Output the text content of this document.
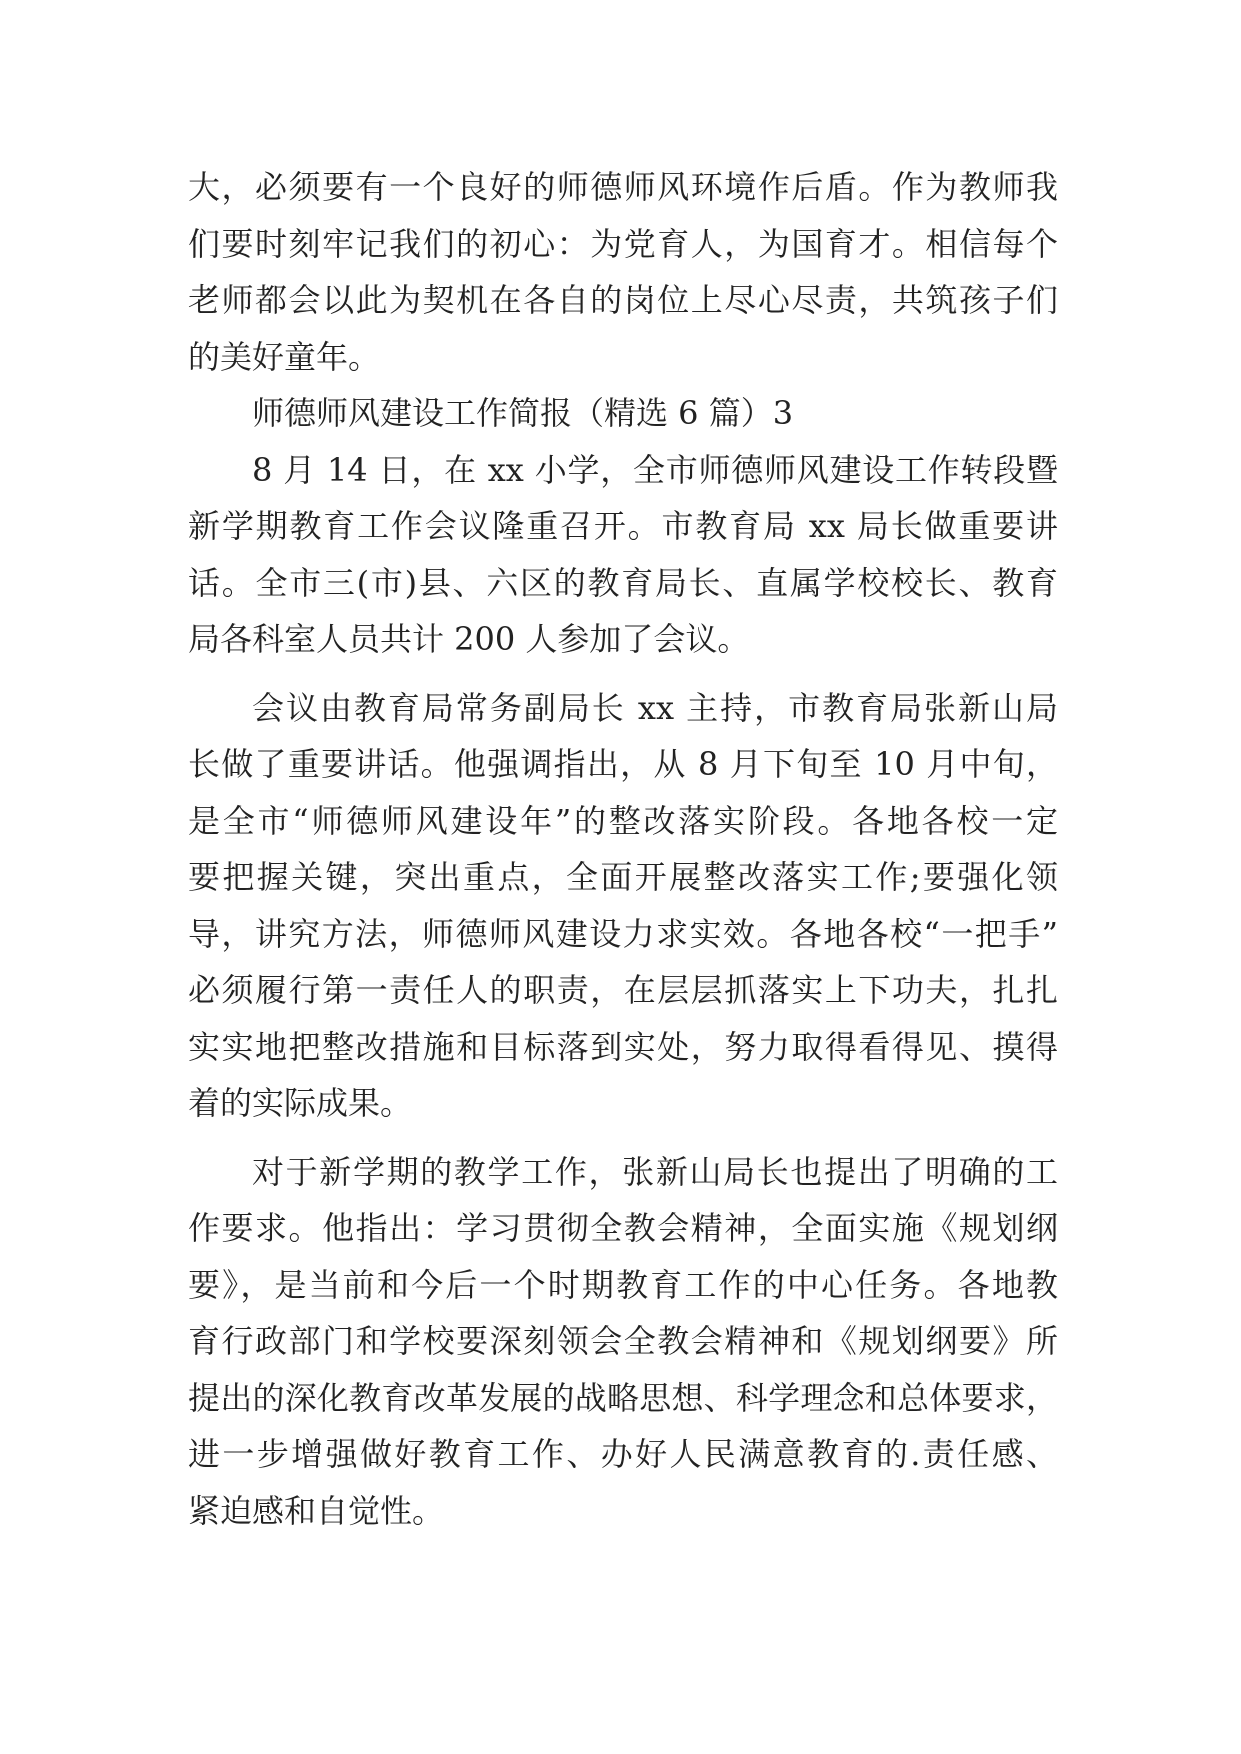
大，必须要有一个良好的师德师风环境作后盾。作为教师我
们要时刻牢记我们的初心：为党育人，为国育才。相信每个
老师都会以此为契机在各自的岗位上尽心尽责，共筑孩子们
的美好童年。
师德师风建设工作简报（精选 6 篇）3
8 月 14 日，在 xx 小学，全市师德师风建设工作转段暨
新学期教育工作会议隆重召开。市教育局 xx 局长做重要讲
话。全市三(市)县、六区的教育局长、直属学校校长、教育
局各科室人员共计 200 人参加了会议。
会议由教育局常务副局长 xx 主持，市教育局张新山局
长做了重要讲话。他强调指出，从 8 月下旬至 10 月中旬，
是全市“师德师风建设年”的整改落实阶段。各地各校一定
要把握关键，突出重点，全面开展整改落实工作;要强化领
导，讲究方法，师德师风建设力求实效。各地各校“一把手”
必须履行第一责任人的职责，在层层抓落实上下功夫，扎扎
实实地把整改措施和目标落到实处，努力取得看得见、摸得
着的实际成果。
对于新学期的教学工作，张新山局长也提出了明确的工
作要求。他指出：学习贯彻全教会精神，全面实施《规划纲
要》，是当前和今后一个时期教育工作的中心任务。各地教
育行政部门和学校要深刻领会全教会精神和《规划纲要》所
提出的深化教育改革发展的战略思想、科学理念和总体要求，
进一步增强做好教育工作、办好人民满意教育的.责任感、
紧迫感和自觉性。
